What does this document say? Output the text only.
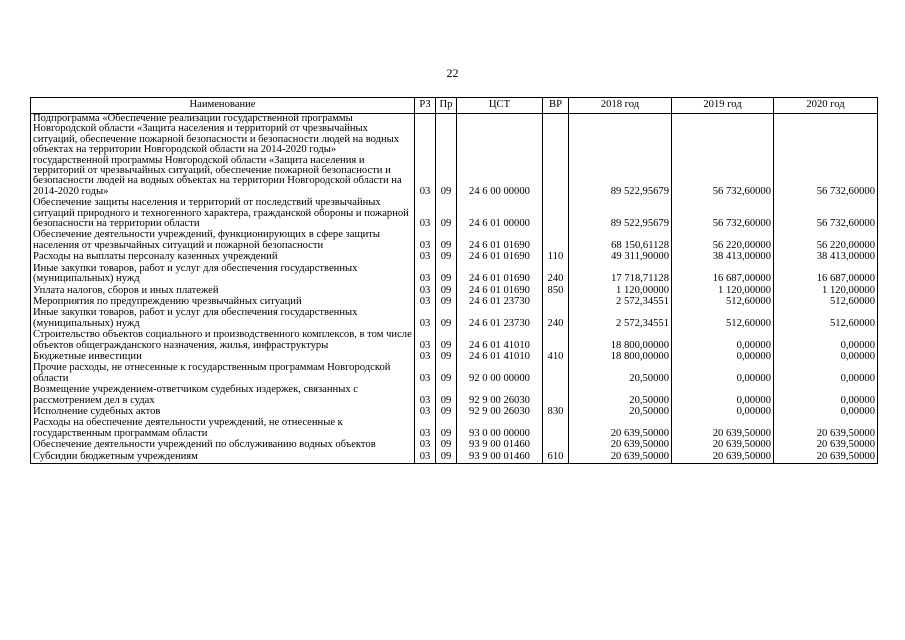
22
Наименование	РЗ	Пр	ЦСТ	ВР	2018 год	2019 год	2020 год
Подпрограмма «Обеспечение реализации государственной программы Новгородской области «Защита населения и территорий от чрезвычайных ситуаций, обеспечение пожарной безопасности и безопасности людей на водных объектах на территории Новгородской области на 2014-2020 годы» государственной программы Новгородской области «Защита населения и территорий от чрезвычайных ситуаций, обеспечение пожарной безопасности и безопасности людей на водных объектах на территории Новгородской области на 2014-2020 годы»	03	09	24 6 00 00000		89 522,95679	56 732,60000	56 732,60000
Обеспечение защиты населения и территорий от последствий чрезвычайных ситуаций природного и техногенного характера, гражданской обороны и пожарной безопасности на территории области	03	09	24 6 01 00000		89 522,95679	56 732,60000	56 732,60000
Обеспечение деятельности учреждений, функционирующих в сфере защиты населения от чрезвычайных ситуаций и пожарной безопасности	03	09	24 6 01 01690		68 150,61128	56 220,00000	56 220,00000
Расходы на выплаты персоналу казенных учреждений	03	09	24 6 01 01690	110	49 311,90000	38 413,00000	38 413,00000
Иные закупки товаров, работ и услуг для обеспечения государственных (муниципальных) нужд	03	09	24 6 01 01690	240	17 718,71128	16 687,00000	16 687,00000
Уплата налогов, сборов и иных платежей	03	09	24 6 01 01690	850	1 120,00000	1 120,00000	1 120,00000
Мероприятия по предупреждению чрезвычайных ситуаций	03	09	24 6 01 23730		2 572,34551	512,60000	512,60000
Иные закупки товаров, работ и услуг для обеспечения государственных (муниципальных) нужд	03	09	24 6 01 23730	240	2 572,34551	512,60000	512,60000
Строительство объектов социального и производственного комплексов, в том числе объектов общегражданского назначения, жилья, инфраструктуры	03	09	24 6 01 41010		18 800,00000	0,00000	0,00000
Бюджетные инвестиции	03	09	24 6 01 41010	410	18 800,00000	0,00000	0,00000
Прочие расходы, не отнесенные к государственным программам Новгородской области	03	09	92 0 00 00000		20,50000	0,00000	0,00000
Возмещение учреждением-ответчиком судебных издержек, связанных с рассмотрением дел в судах	03	09	92 9 00 26030		20,50000	0,00000	0,00000
Исполнение судебных актов	03	09	92 9 00 26030	830	20,50000	0,00000	0,00000
Расходы на обеспечение деятельности учреждений, не отнесенные к государственным программам области	03	09	93 0 00 00000		20 639,50000	20 639,50000	20 639,50000
Обеспечение деятельности учреждений по обслуживанию водных объектов	03	09	93 9 00 01460		20 639,50000	20 639,50000	20 639,50000
Субсидии бюджетным учреждениям	03	09	93 9 00 01460	610	20 639,50000	20 639,50000	20 639,50000
